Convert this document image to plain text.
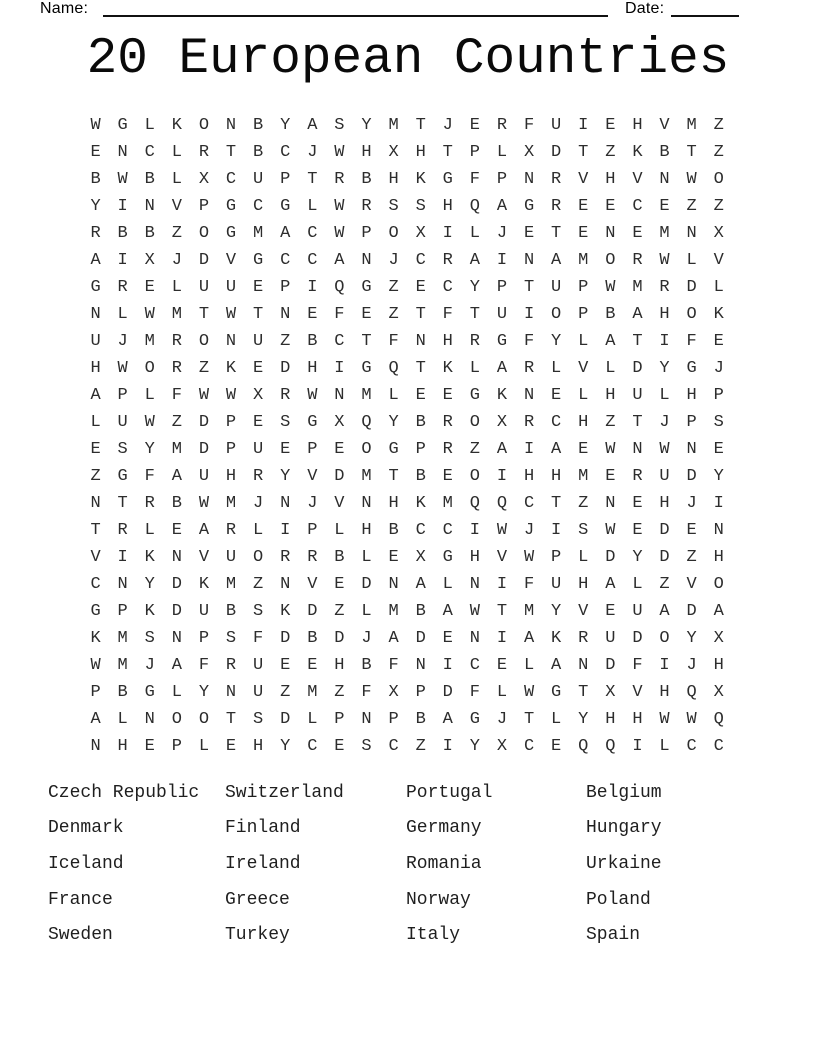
Name:	Date:
20 European Countries
W G L K O N B Y A S Y M T J E R F U I E H V M Z
E N C L R T B C J W H X H T P L X D T Z K B T Z
B W B L X C U P T R B H K G F P N R V H V N W O
Y I N V P G C G L W R S S H Q A G R E E C E Z Z
R B B Z O G M A C W P O X I L J E T E N E M N X
A I X J D V G C C A N J C R A I N A M O R W L V
G R E L U U E P I Q G Z E C Y P T U P W M R D L
N L W M T W T N E F E Z T F T U I O P B A H O K
U J M R O N U Z B C T F N H R G F Y L A T I F E
H W O R Z K E D H I G Q T K L A R L V L D Y G J
A P L F W W X R W N M L E E G K N E L H U L H P
L U W Z D P E S G X Q Y B R O X R C H Z T J P S
E S Y M D P U E P E O G P R Z A I A E W N W N E
Z G F A U H R Y V D M T B E O I H H M E R U D Y
N T R B W M J N J V N H K M Q Q C T Z N E H J I
T R L E A R L I P L H B C C I W J I S W E D E N
V I K N V U O R R B L E X G H V W P L D Y D Z H
C N Y D K M Z N V E D N A L N I F U H A L Z V O
G P K D U B S K D Z L M B A W T M Y V E U A D A
K M S N P S F D B D J A D E N I A K R U D O Y X
W M J A F R U E E H B F N I C E L A N D F I J H
P B G L Y N U Z M Z F X P D F L W G T X V H Q X
A L N O O T S D L P N P B A G J T L Y H H W W Q
N H E P L E H Y C E S C Z I Y X C E Q Q I L C C
Czech Republic	Switzerland	Portugal	Belgium
Denmark	Finland	Germany	Hungary
Iceland	Ireland	Romania	Urkaine
France	Greece	Norway	Poland
Sweden	Turkey	Italy	Spain
